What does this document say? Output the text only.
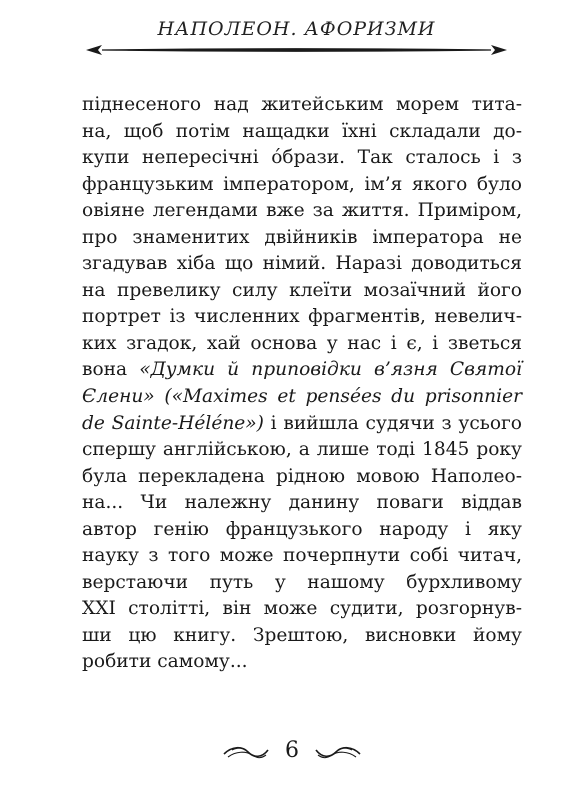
НАПОЛЕОН. АФОРИЗМИ
піднесеного над житейським морем тита-
на, щоб потім нащадки їхні складали до-
купи непересічні óбрази. Так сталось і з
французьким імператором, ім’я якого було
овіяне легендами вже за життя. Приміром,
про знаменитих двійників імператора не
згадував хіба що німий. Наразі доводиться
на превелику силу клеїти мозаїчний його
портрет із численних фрагментів, невелич-
ких згадок, хай основа у нас і є, і зветься
вона «Думки й приповідки в’язня Святої
Єлени» («Maximes et pensées du prisonnier
de Sainte-Héléne») і вийшла судячи з усього
спершу англійською, а лише тоді 1845 року
була перекладена рідною мовою Наполео-
на... Чи належну данину поваги віддав
автор генію французького народу і яку
науку з того може почерпнути собі читач,
верстаючи путь у нашому бурхливому
XXI столітті, він може судити, розгорнув-
ши цю книгу. Зрештою, висновки йому
робити самому...
6
